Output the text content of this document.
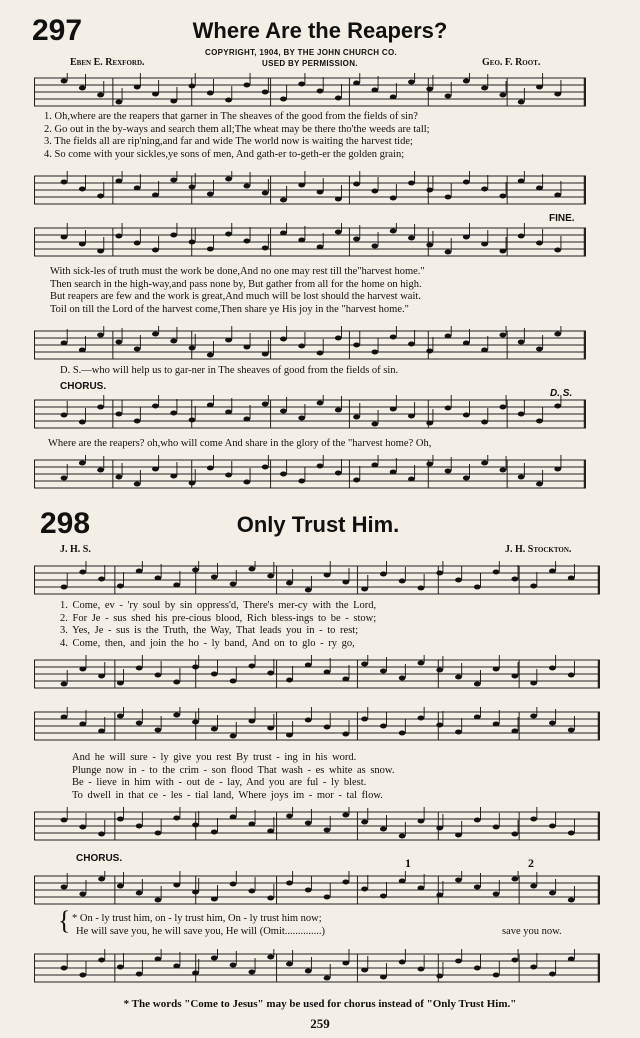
297	Where Are the Reapers?
COPYRIGHT, 1904, BY THE JOHN CHURCH CO.
USED BY PERMISSION.
Eben E. Rexford.	Geo. F. Root.
1. Oh,where are the reapers that garner in The sheaves of the good from the fields of sin?
2. Go out in the by-ways and search them all;The wheat may be there tho'the weeds are tall;
3. The fields all are rip'ning,and far and wide The world now is waiting the harvest tide;
4. So come with your sickles,ye sons of men, And gath-er to-geth-er the golden grain;
FINE.
With sick-les of truth must the work be done,And no one may rest till the"harvest home."
Then search in the high-way,and pass none by, But gather from all for the home on high.
But reapers are few and the work is great,And much will be lost should the harvest wait.
Toil on till the Lord of the harvest come,Then share ye His joy in the "harvest home."
D. S.—who will help us to gar-ner in The sheaves of good from the fields of sin.
CHORUS.
D. S.
Where are the reapers? oh,who will come And share in the glory of the "harvest home? Oh,
298	Only Trust Him.
J. H. S.	J. H. Stockton.
1. Come, ev - 'ry soul by sin oppress'd, There's mer-cy with the Lord,
2. For Je - sus shed his pre-cious blood, Rich bless-ings to be - stow;
3. Yes, Je - sus is the Truth, the Way, That leads you in - to rest;
4. Come, then, and join the ho - ly band, And on to glo - ry go,
And he will sure - ly give you rest By trust - ing in his word.
Plunge now in - to the crim - son flood That wash - es white as snow.
Be - lieve in him with - out de - lay, And you are ful - ly blest.
To dwell in that ce - les - tial land, Where joys im - mor - tal flow.
CHORUS.	1	2
{ * On - ly trust him, on - ly trust him, On - ly trust him now;
He will save you, he will save you, He will (Omit..............)	save you now.
* The words "Come to Jesus" may be used for chorus instead of "Only Trust Him."
259
